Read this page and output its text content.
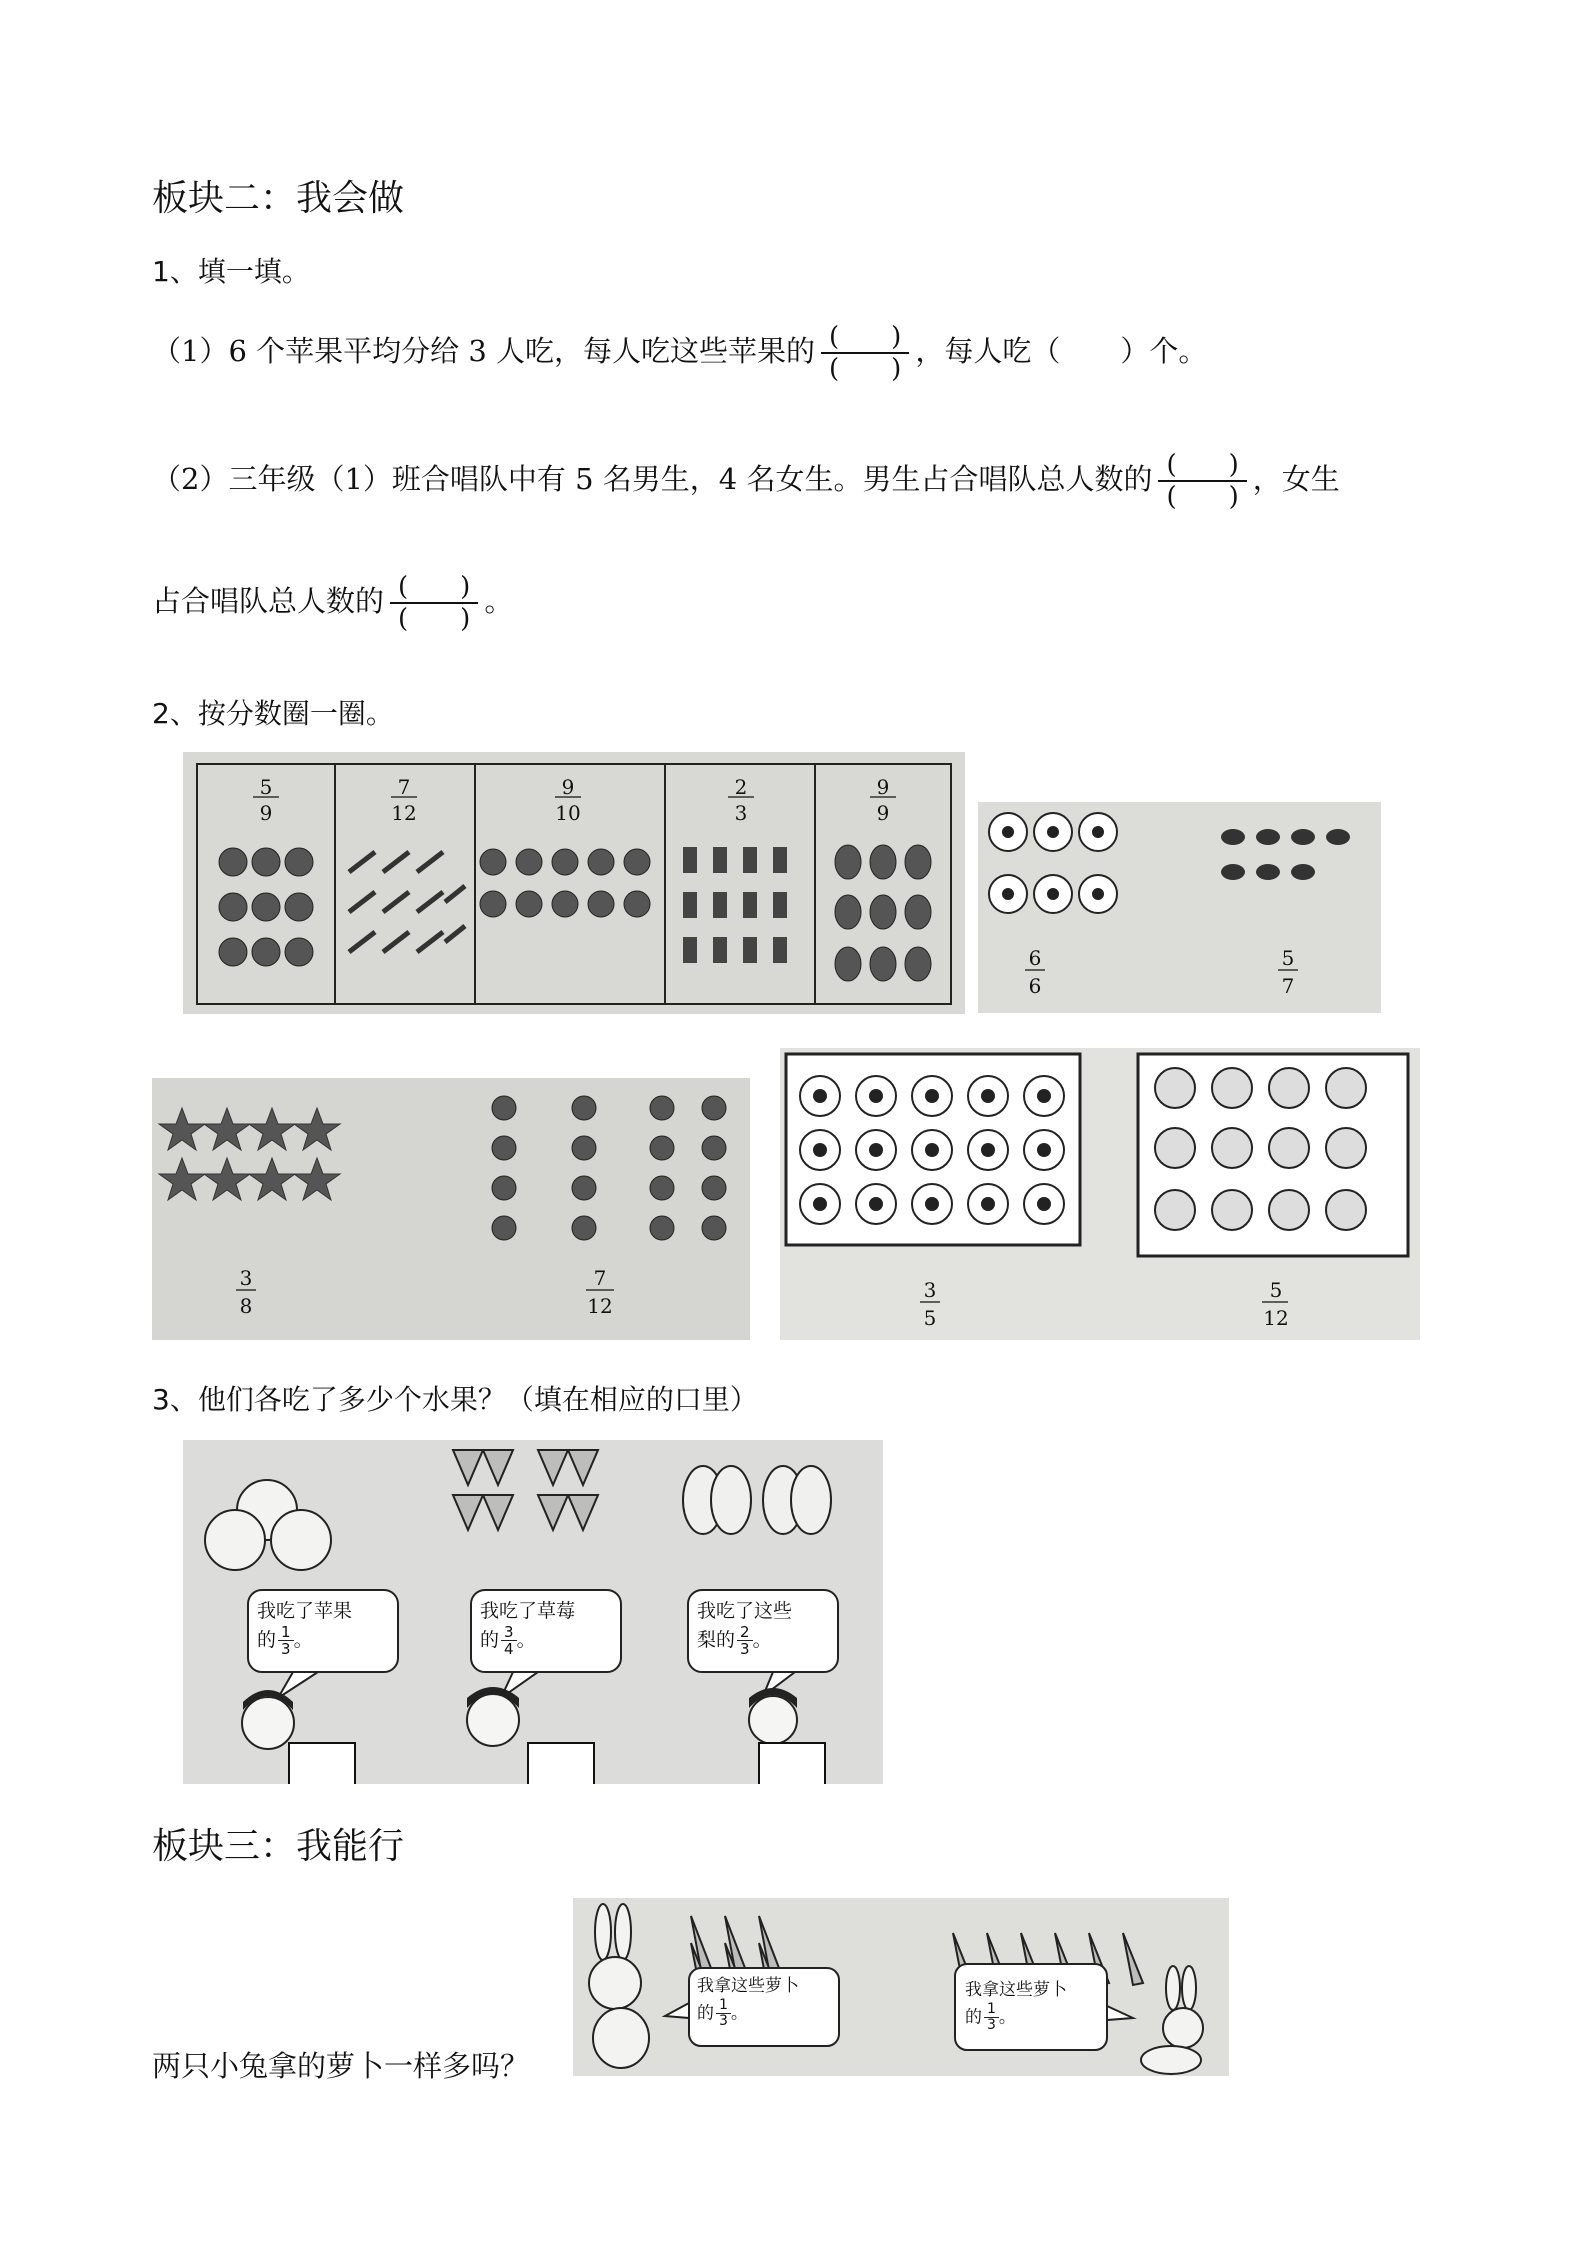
板块二：我会做
1、填一填。
（1）6 个苹果平均分给 3 人吃，每人吃这些苹果的 $\frac{( )}{( )}$ ，每人吃（ ）个。
（2）三年级（1）班合唱队中有 5 名男生，4 名女生。男生占合唱队总人数的 $\frac{( )}{( )}$ ，女生
占合唱队总人数的 $\frac{( )}{( )}$ 。
2、按分数圈一圈。
5
9
7
12
9
10
2
3
9
9
6
6
5
7
3
8
7
12
3
5
5
12
3、他们各吃了多少个水果？（填在相应的口里）
我吃了苹果
的 $\frac{1}{3}$ 。
我吃了草莓
的 $\frac{3}{4}$ 。
我吃了这些
梨的 $\frac{2}{3}$ 。
板块三：我能行
两只小兔拿的萝卜一样多吗？
我拿这些萝卜
的 $\frac{1}{3}$ 。
我拿这些萝卜
的 $\frac{1}{3}$ 。
